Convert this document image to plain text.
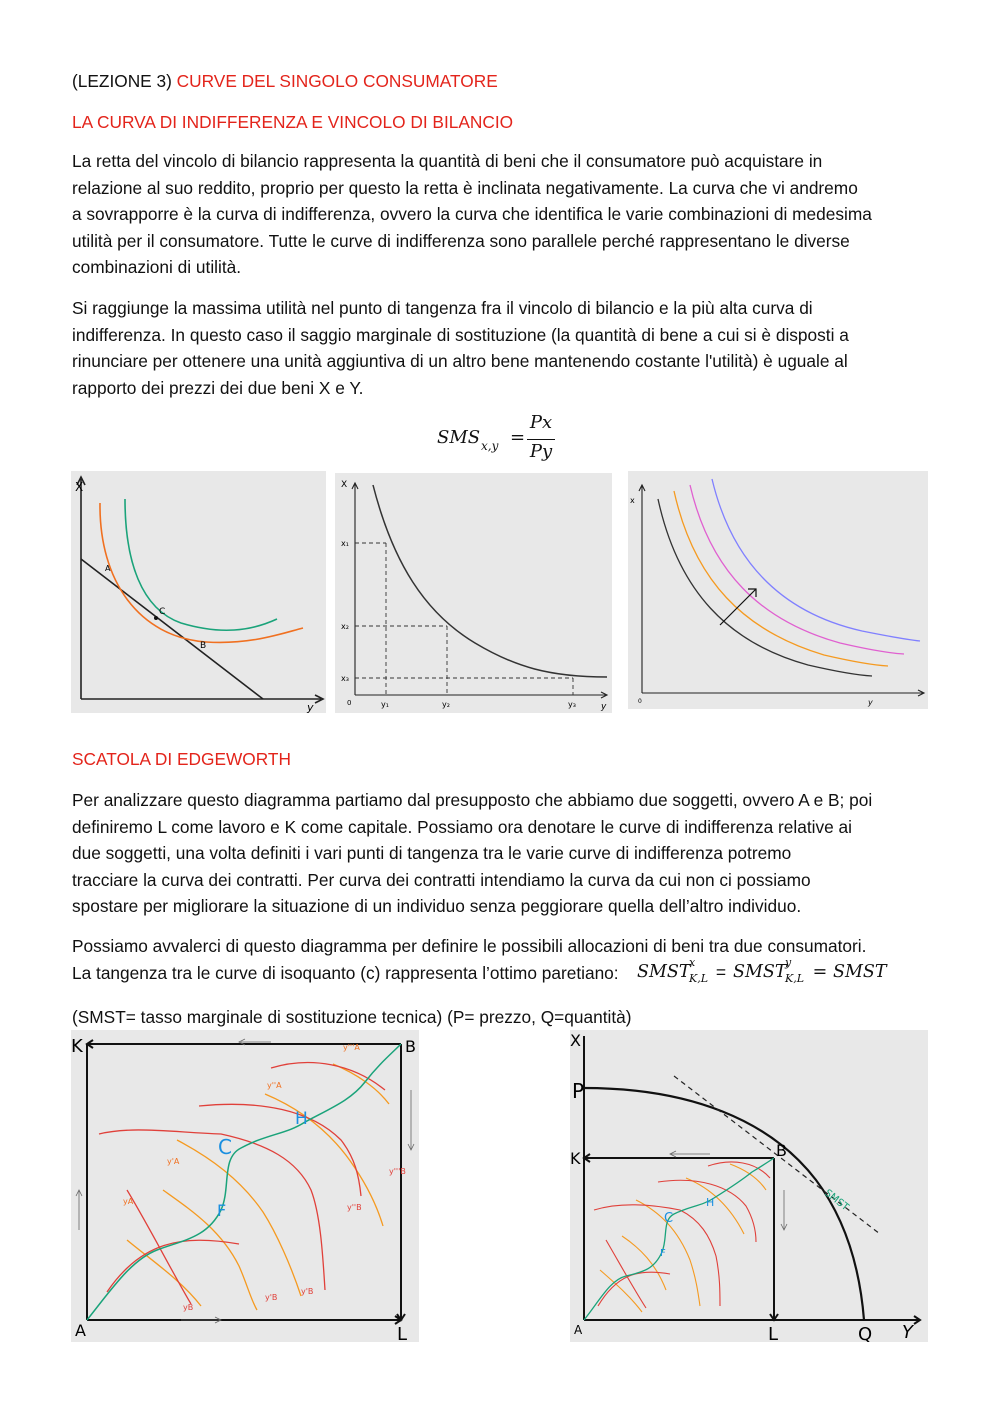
(LEZIONE 3) CURVE DEL SINGOLO CONSUMATORE
LA CURVA DI INDIFFERENZA E VINCOLO DI BILANCIO

La retta del vincolo di bilancio rappresenta la quantità di beni che il consumatore può acquistare in

relazione al suo reddito, proprio per questo la retta è inclinata negativamente. La curva che vi andremo

a sovrapporre è la curva di indifferenza, ovvero la curva che identifica le varie combinazioni di medesima

utilità per il consumatore. Tutte le curve di indifferenza sono parallele perché rappresentano le diverse

combinazioni di utilità.

Si raggiunge la massima utilità nel punto di tangenza fra il vincolo di bilancio e la più alta curva di

indifferenza. In questo caso il saggio marginale di sostituzione (la quantità di bene a cui si è disposti a

rinunciare per ottenere una unità aggiuntiva di un altro bene mantenendo costante l'utilità) è uguale al

rapporto dei prezzi dei due beni X e Y.

SMS x,y =
Px
Py
X
y
A
C
B
X
y
0
x₁
x₂
x₃
y₁	y₂	y₃
x
y
0
SCATOLA DI EDGEWORTH

Per analizzare questo diagramma partiamo dal presupposto che abbiamo due soggetti, ovvero A e B; poi

definiremo L come lavoro e K come capitale. Possiamo ora denotare le curve di indifferenza relative ai

due soggetti, una volta definiti i vari punti di tangenza tra le varie curve di indifferenza potremo

tracciare la curva dei contratti. Per curva dei contratti intendiamo la curva da cui non ci possiamo

spostare per migliorare la situazione di un individuo senza peggiorare quella dell’altro individuo.

Possiamo avvalerci di questo diagramma per definire le possibili allocazioni di beni tra due consumatori.

La tangenza tra le curve di isoquanto (c) rappresenta l’ottimo paretiano:	SMST
x
K,L = SMST
y
K,L = SMST
(SMST= tasso marginale di sostituzione tecnica) (P= prezzo, Q=quantità)
K	B
A	L
C
H
F
y'''A
y''A
y'A
yA
y'''B
y''B
y'B
yB
y'B
X
P
K	B
A	L	Q Y
SMST
C
H
F
